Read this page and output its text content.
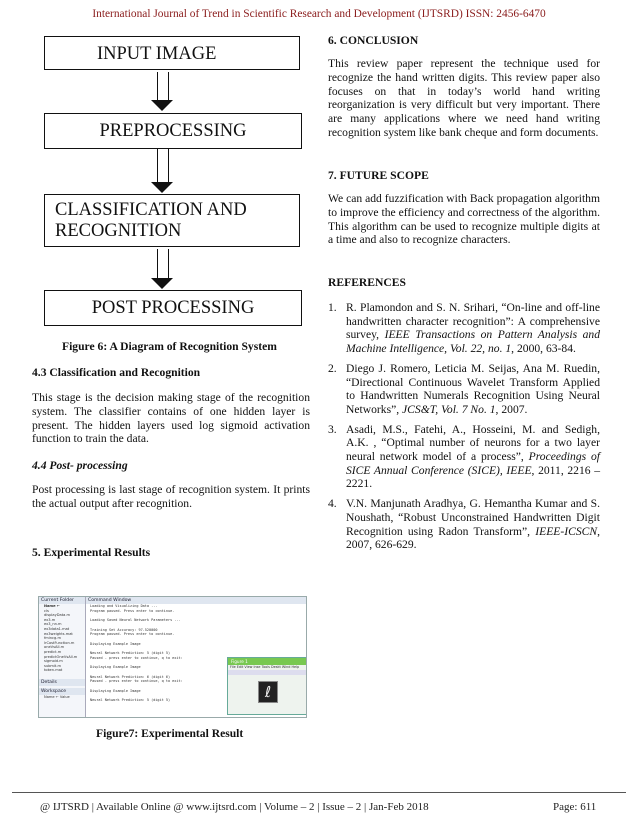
International Journal of Trend in Scientific Research and Development (IJTSRD) ISSN: 2456-6470
INPUT IMAGE
PREPROCESSING
CLASSIFICATION AND RECOGNITION
POST PROCESSING
Figure 6: A Diagram of Recognition System
4.3 Classification and Recognition
This stage is the decision making stage of the recognition system. The classifier contains of one hidden layer is present. The hidden layers used log sigmoid activation function to train the data.
4.4 Post- processing
Post processing is last stage of recognition system. It prints the actual output after recognition.
5. Experimental Results
Current Folder
Name ←
cls
displayData.m
ex3.m
ex3_nn.m
ex3data1.mat
ex3weights.mat
fmincg.m
lrCostFunction.m
oneVsAll.m
predict.m
predictOneVsAll.m
sigmoid.m
submit.m
token.mat
Details
Workspace
Name ← Value
Command Window
Loading and Visualizing Data ...
Program paused. Press enter to continue.

Loading Saved Neural Network Parameters ...

Training Set Accuracy: 97.520000
Program paused. Press enter to continue.

Displaying Example Image

Neural Network Prediction: 5 (digit 5)
Paused - press enter to continue, q to exit:

Displaying Example Image

Neural Network Prediction: 6 (digit 6)
Paused - press enter to continue, q to exit:

Displaying Example Image

Neural Network Prediction: 5 (digit 5)
Figure 1
File Edit View Inse Tools Deskt Wind Help
ℓ
Figure7: Experimental Result
6. CONCLUSION
This review paper represent the technique used for recognize the hand written digits. This review paper also focuses on that in today’s world hand writing reorganization is very difficult but very important. There are many applications where we need hand writing recognition system like bank cheque and form documents.
7. FUTURE SCOPE
We can add fuzzification with Back propagation algorithm to improve the efficiency and correctness of the algorithm. This algorithm can be used to recognize multiple digits at a time and also to recognize characters.
REFERENCES
1. R. Plamondon and S. N. Srihari, “On-line and off-line handwritten character recognition”: A comprehensive survey, IEEE Transactions on Pattern Analysis and Machine Intelligence, Vol. 22, no. 1, 2000, 63-84.
2. Diego J. Romero, Leticia M. Seijas, Ana M. Ruedin, “Directional Continuous Wavelet Transform Applied to Handwritten Numerals Recognition Using Neural Networks”, JCS&T, Vol. 7 No. 1, 2007.
3. Asadi, M.S., Fatehi, A., Hosseini, M. and Sedigh, A.K. , “Optimal number of neurons for a two layer neural network model of a process”, Proceedings of SICE Annual Conference (SICE), IEEE, 2011, 2216 – 2221.
4. V.N. Manjunath Aradhya, G. Hemantha Kumar and S. Noushath, “Robust Unconstrained Handwritten Digit Recognition using Radon Transform”, IEEE-ICSCN, 2007, 626-629.
@ IJTSRD | Available Online @ www.ijtsrd.com | Volume – 2 | Issue – 2 | Jan-Feb 2018	Page: 611
